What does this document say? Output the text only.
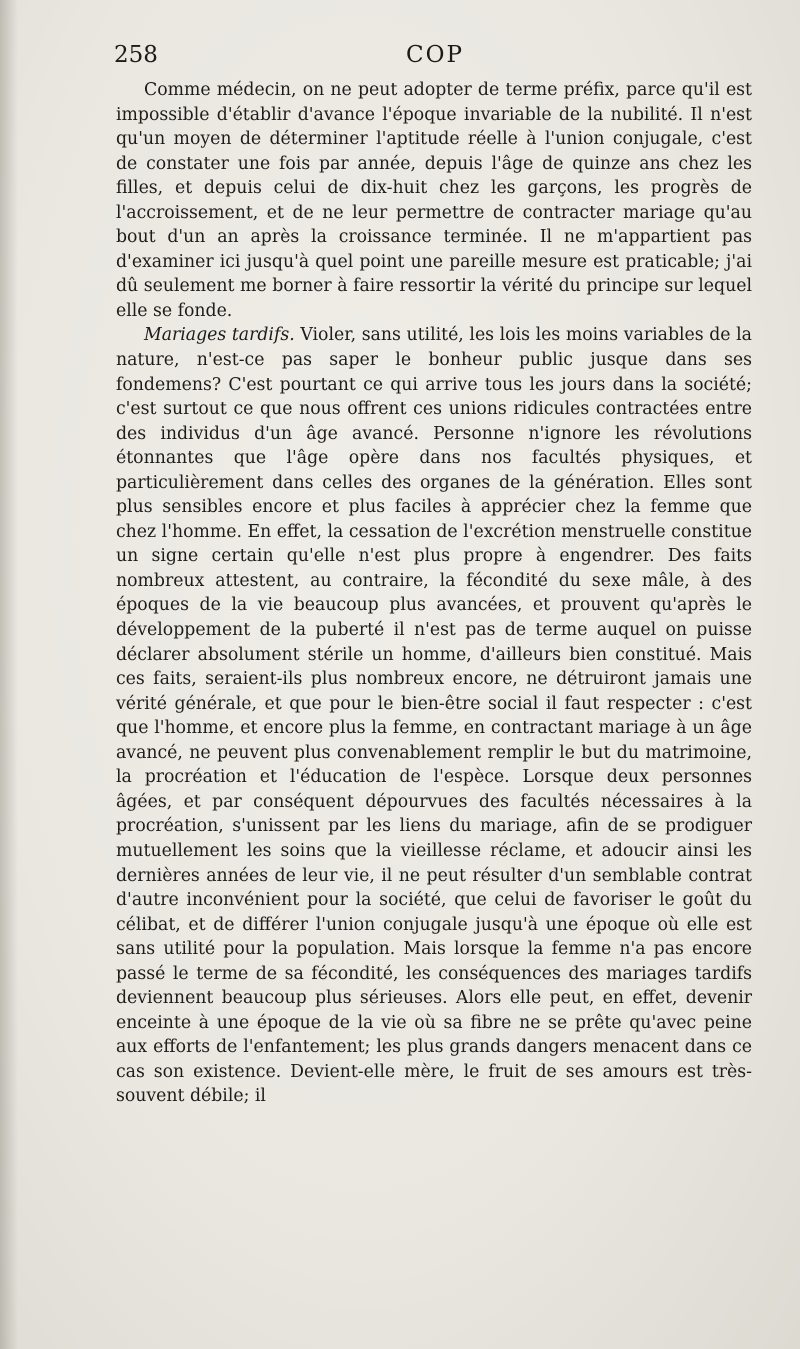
258	COP

Comme médecin, on ne peut adopter de terme préfix, parce qu'il est impossible d'établir d'avance l'époque invariable de la nubilité. Il n'est qu'un moyen de déterminer l'aptitude réelle à l'union conjugale, c'est de constater une fois par année, depuis l'âge de quinze ans chez les filles, et depuis celui de dix-huit chez les garçons, les progrès de l'accroissement, et de ne leur permettre de contracter mariage qu'au bout d'un an après la croissance terminée. Il ne m'appartient pas d'examiner ici jusqu'à quel point une pareille mesure est praticable; j'ai dû seulement me borner à faire ressortir la vérité du principe sur lequel elle se fonde.

Mariages tardifs. Violer, sans utilité, les lois les moins variables de la nature, n'est-ce pas saper le bonheur public jusque dans ses fondemens? C'est pourtant ce qui arrive tous les jours dans la société; c'est surtout ce que nous offrent ces unions ridicules contractées entre des individus d'un âge avancé. Personne n'ignore les révolutions étonnantes que l'âge opère dans nos facultés physiques, et particulièrement dans celles des organes de la génération. Elles sont plus sensibles encore et plus faciles à apprécier chez la femme que chez l'homme. En effet, la cessation de l'excrétion menstruelle constitue un signe certain qu'elle n'est plus propre à engendrer. Des faits nombreux attestent, au contraire, la fécondité du sexe mâle, à des époques de la vie beaucoup plus avancées, et prouvent qu'après le développement de la puberté il n'est pas de terme auquel on puisse déclarer absolument stérile un homme, d'ailleurs bien constitué. Mais ces faits, seraient-ils plus nombreux encore, ne détruiront jamais une vérité générale, et que pour le bien-être social il faut respecter : c'est que l'homme, et encore plus la femme, en contractant mariage à un âge avancé, ne peuvent plus convenablement remplir le but du matrimoine, la procréation et l'éducation de l'espèce. Lorsque deux personnes âgées, et par conséquent dépourvues des facultés nécessaires à la procréation, s'unissent par les liens du mariage, afin de se prodiguer mutuellement les soins que la vieillesse réclame, et adoucir ainsi les dernières années de leur vie, il ne peut résulter d'un semblable contrat d'autre inconvénient pour la société, que celui de favoriser le goût du célibat, et de différer l'union conjugale jusqu'à une époque où elle est sans utilité pour la population. Mais lorsque la femme n'a pas encore passé le terme de sa fécondité, les conséquences des mariages tardifs deviennent beaucoup plus sérieuses. Alors elle peut, en effet, devenir enceinte à une époque de la vie où sa fibre ne se prête qu'avec peine aux efforts de l'enfantement; les plus grands dangers menacent dans ce cas son existence. Devient-elle mère, le fruit de ses amours est très-souvent débile; il
